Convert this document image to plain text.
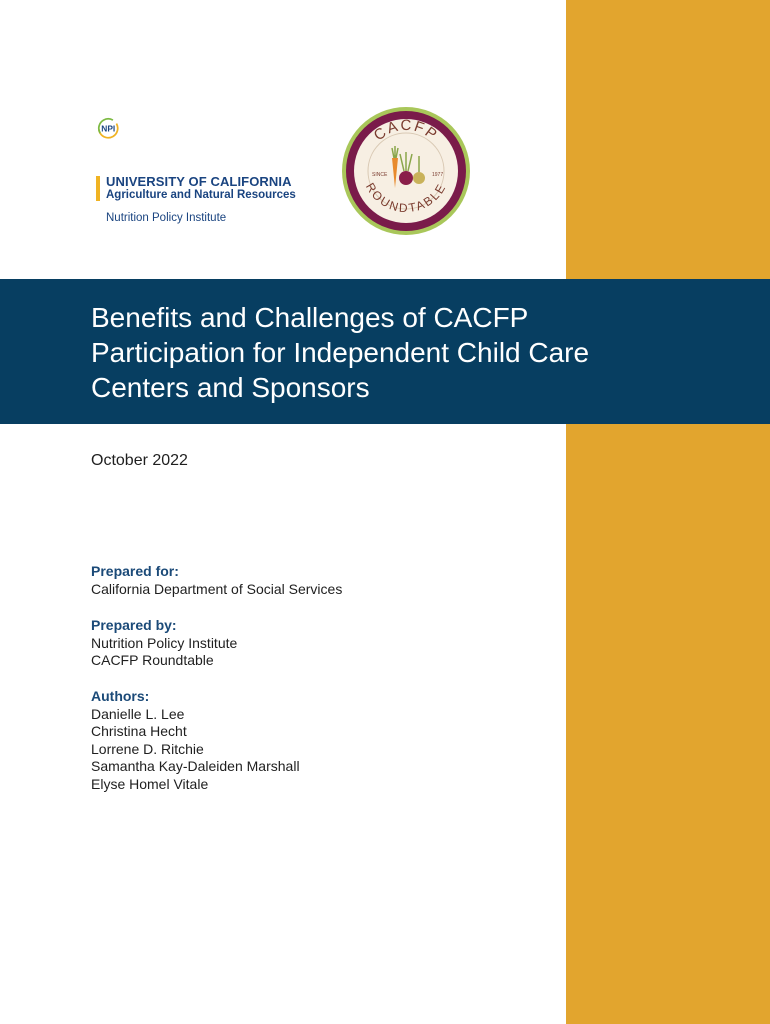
NPI
UNIVERSITY OF CALIFORNIA
Agriculture and Natural Resources
Nutrition Policy Institute
CACFP
ROUNDTABLE
SINCE	1977
Benefits and Challenges of CACFP Participation for Independent Child Care Centers and Sponsors
October 2022
Prepared for:
California Department of Social Services
Prepared by:
Nutrition Policy Institute
CACFP Roundtable
Authors:
Danielle L. Lee
Christina Hecht
Lorrene D. Ritchie
Samantha Kay-Daleiden Marshall
Elyse Homel Vitale
